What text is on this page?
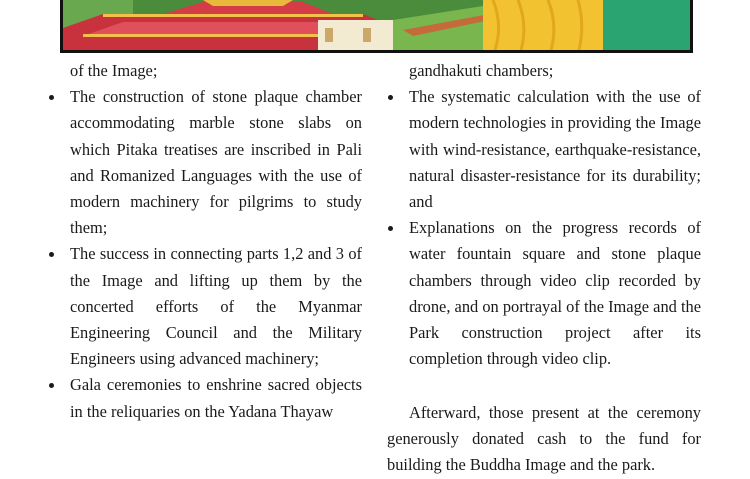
of the Image;

The construction of stone plaque chamber accommodating marble stone slabs on which Pitaka treatises are inscribed in Pali and Romanized Languages with the use of modern machinery for pilgrims to study them;

The success in connecting parts 1,2 and 3 of the Image and lifting up them by the concerted efforts of the Myanmar Engineering Council and the Military Engineers using advanced machinery;

Gala ceremonies to enshrine sacred objects in the reliquaries on the Yadana Thayaw

gandhakuti chambers;

The systematic calculation with the use of modern technologies in providing the Image with wind-resistance, earthquake-resistance, natural disaster-resistance for its durability; and

Explanations on the progress records of water fountain square and stone plaque chambers through video clip recorded by drone, and on portrayal of the Image and the Park construction project after its completion through video clip.

Afterward, those present at the ceremony generously donated cash to the fund for building the Buddha Image and the park.
